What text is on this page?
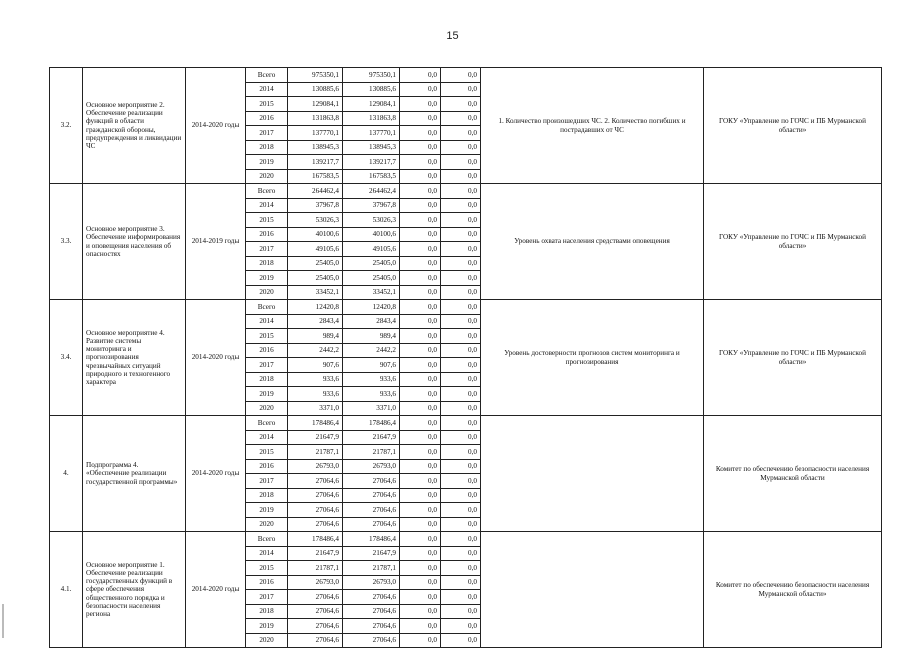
15
3.2.	Основное мероприятие 2. Обеспечение реализации функций в области гражданской обороны, предупреждения и ликвидации ЧС	2014-2020 годы	Всего	975350,1	975350,1	0,0	0,0	1. Количество произошедших ЧС. 2. Количество погибших и пострадавших от ЧС	ГОКУ «Управление по ГОЧС и ПБ Мурманской области»
			2014	130885,6	130885,6	0,0	0,0		
			2015	129084,1	129084,1	0,0	0,0		
			2016	131863,8	131863,8	0,0	0,0		
			2017	137770,1	137770,1	0,0	0,0		
			2018	138945,3	138945,3	0,0	0,0		
			2019	139217,7	139217,7	0,0	0,0		
			2020	167583,5	167583,5	0,0	0,0		
3.3.	Основное мероприятие 3. Обеспечение информирования и оповещения населения об опасностях	2014-2019 годы	Всего	264462,4	264462,4	0,0	0,0	Уровень охвата населения средствами оповещения	ГОКУ «Управление по ГОЧС и ПБ Мурманской области»
			2014	37967,8	37967,8	0,0	0,0		
			2015	53026,3	53026,3	0,0	0,0		
			2016	40100,6	40100,6	0,0	0,0		
			2017	49105,6	49105,6	0,0	0,0		
			2018	25405,0	25405,0	0,0	0,0		
			2019	25405,0	25405,0	0,0	0,0		
			2020	33452,1	33452,1	0,0	0,0		
3.4.	Основное мероприятие 4. Развитие системы мониторинга и прогнозирования чрезвычайных ситуаций природного и техногенного характера	2014-2020 годы	Всего	12420,8	12420,8	0,0	0,0	Уровень достоверности прогнозов систем мониторинга и прогнозирования	ГОКУ «Управление по ГОЧС и ПБ Мурманской области»
			2014	2843,4	2843,4	0,0	0,0		
			2015	989,4	989,4	0,0	0,0		
			2016	2442,2	2442,2	0,0	0,0		
			2017	907,6	907,6	0,0	0,0		
			2018	933,6	933,6	0,0	0,0		
			2019	933,6	933,6	0,0	0,0		
			2020	3371,0	3371,0	0,0	0,0		
4.	Подпрограмма 4. «Обеспечение реализации государственной программы»	2014-2020 годы	Всего	178486,4	178486,4	0,0	0,0		Комитет по обеспечению безопасности населения Мурманской области
			2014	21647,9	21647,9	0,0	0,0		
			2015	21787,1	21787,1	0,0	0,0		
			2016	26793,0	26793,0	0,0	0,0		
			2017	27064,6	27064,6	0,0	0,0		
			2018	27064,6	27064,6	0,0	0,0		
			2019	27064,6	27064,6	0,0	0,0		
			2020	27064,6	27064,6	0,0	0,0		
4.1.	Основное мероприятие 1. Обеспечение реализации государственных функций в сфере обеспечения общественного порядка и безопасности населения региона	2014-2020 годы	Всего	178486,4	178486,4	0,0	0,0		Комитет по обеспечению безопасности населения Мурманской области»
			2014	21647,9	21647,9	0,0	0,0		
			2015	21787,1	21787,1	0,0	0,0		
			2016	26793,0	26793,0	0,0	0,0		
			2017	27064,6	27064,6	0,0	0,0		
			2018	27064,6	27064,6	0,0	0,0		
			2019	27064,6	27064,6	0,0	0,0		
			2020	27064,6	27064,6	0,0	0,0		
